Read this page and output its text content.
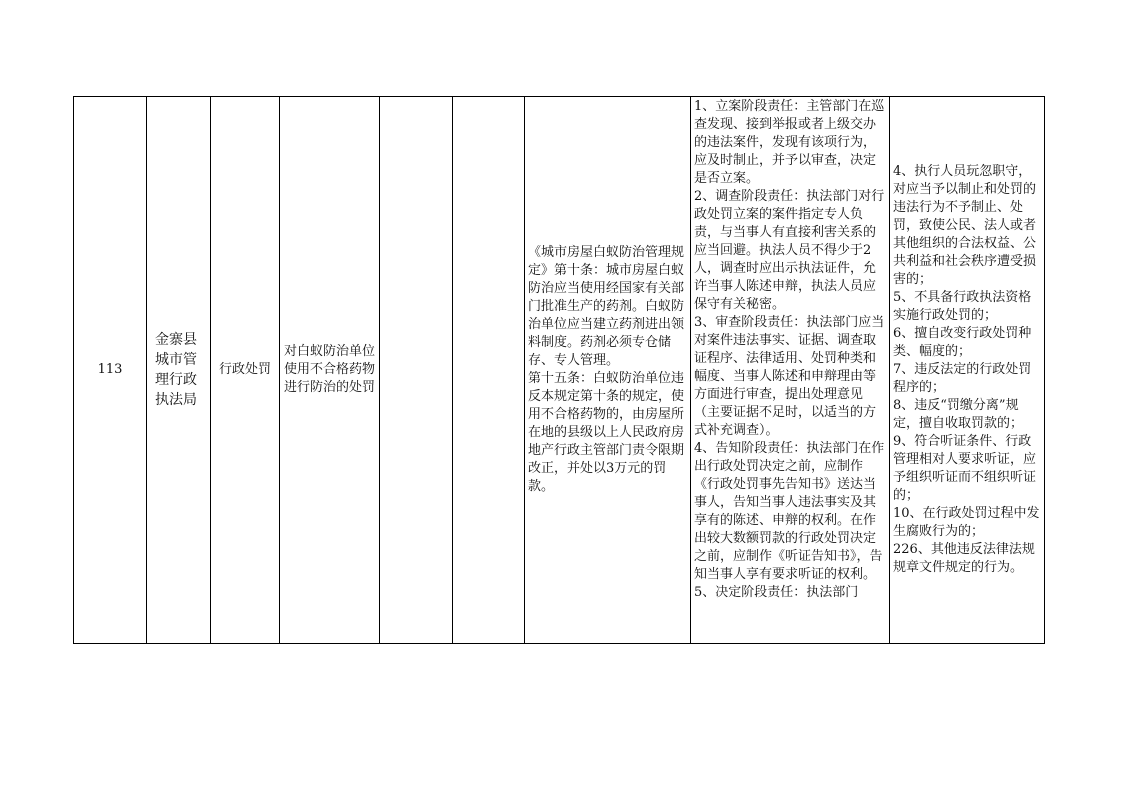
113
金寨县城市管理行政执法局
行政处罚
对白蚁防治单位使用不合格药物进行防治的处罚
《城市房屋白蚁防治管理规定》第十条：城市房屋白蚁防治应当使用经国家有关部门批准生产的药剂。白蚁防治单位应当建立药剂进出领料制度。药剂必须专仓储存、专人管理。
第十五条：白蚁防治单位违反本规定第十条的规定，使用不合格药物的，由房屋所在地的县级以上人民政府房地产行政主管部门责令限期改正，并处以3万元的罚款。
1、立案阶段责任：主管部门在巡查发现、接到举报或者上级交办的违法案件，发现有该项行为，应及时制止，并予以审查，决定是否立案。
2、调查阶段责任：执法部门对行政处罚立案的案件指定专人负责，与当事人有直接利害关系的应当回避。执法人员不得少于2人，调查时应出示执法证件，允许当事人陈述申辩，执法人员应保守有关秘密。
3、审查阶段责任：执法部门应当对案件违法事实、证据、调查取证程序、法律适用、处罚种类和幅度、当事人陈述和申辩理由等方面进行审查，提出处理意见（主要证据不足时，以适当的方式补充调查）。
4、告知阶段责任：执法部门在作出行政处罚决定之前，应制作《行政处罚事先告知书》送达当事人，告知当事人违法事实及其享有的陈述、申辩的权利。在作出较大数额罚款的行政处罚决定之前，应制作《听证告知书》，告知当事人享有要求听证的权利。
5、决定阶段责任：执法部门
4、执行人员玩忽职守，对应当予以制止和处罚的违法行为不予制止、处罚，致使公民、法人或者其他组织的合法权益、公共利益和社会秩序遭受损害的；
5、不具备行政执法资格实施行政处罚的；
6、擅自改变行政处罚种类、幅度的；
7、违反法定的行政处罚程序的；
8、违反“罚缴分离”规定，擅自收取罚款的；
9、符合听证条件、行政管理相对人要求听证，应予组织听证而不组织听证的；
10、在行政处罚过程中发生腐败行为的；
226、其他违反法律法规规章文件规定的行为。
